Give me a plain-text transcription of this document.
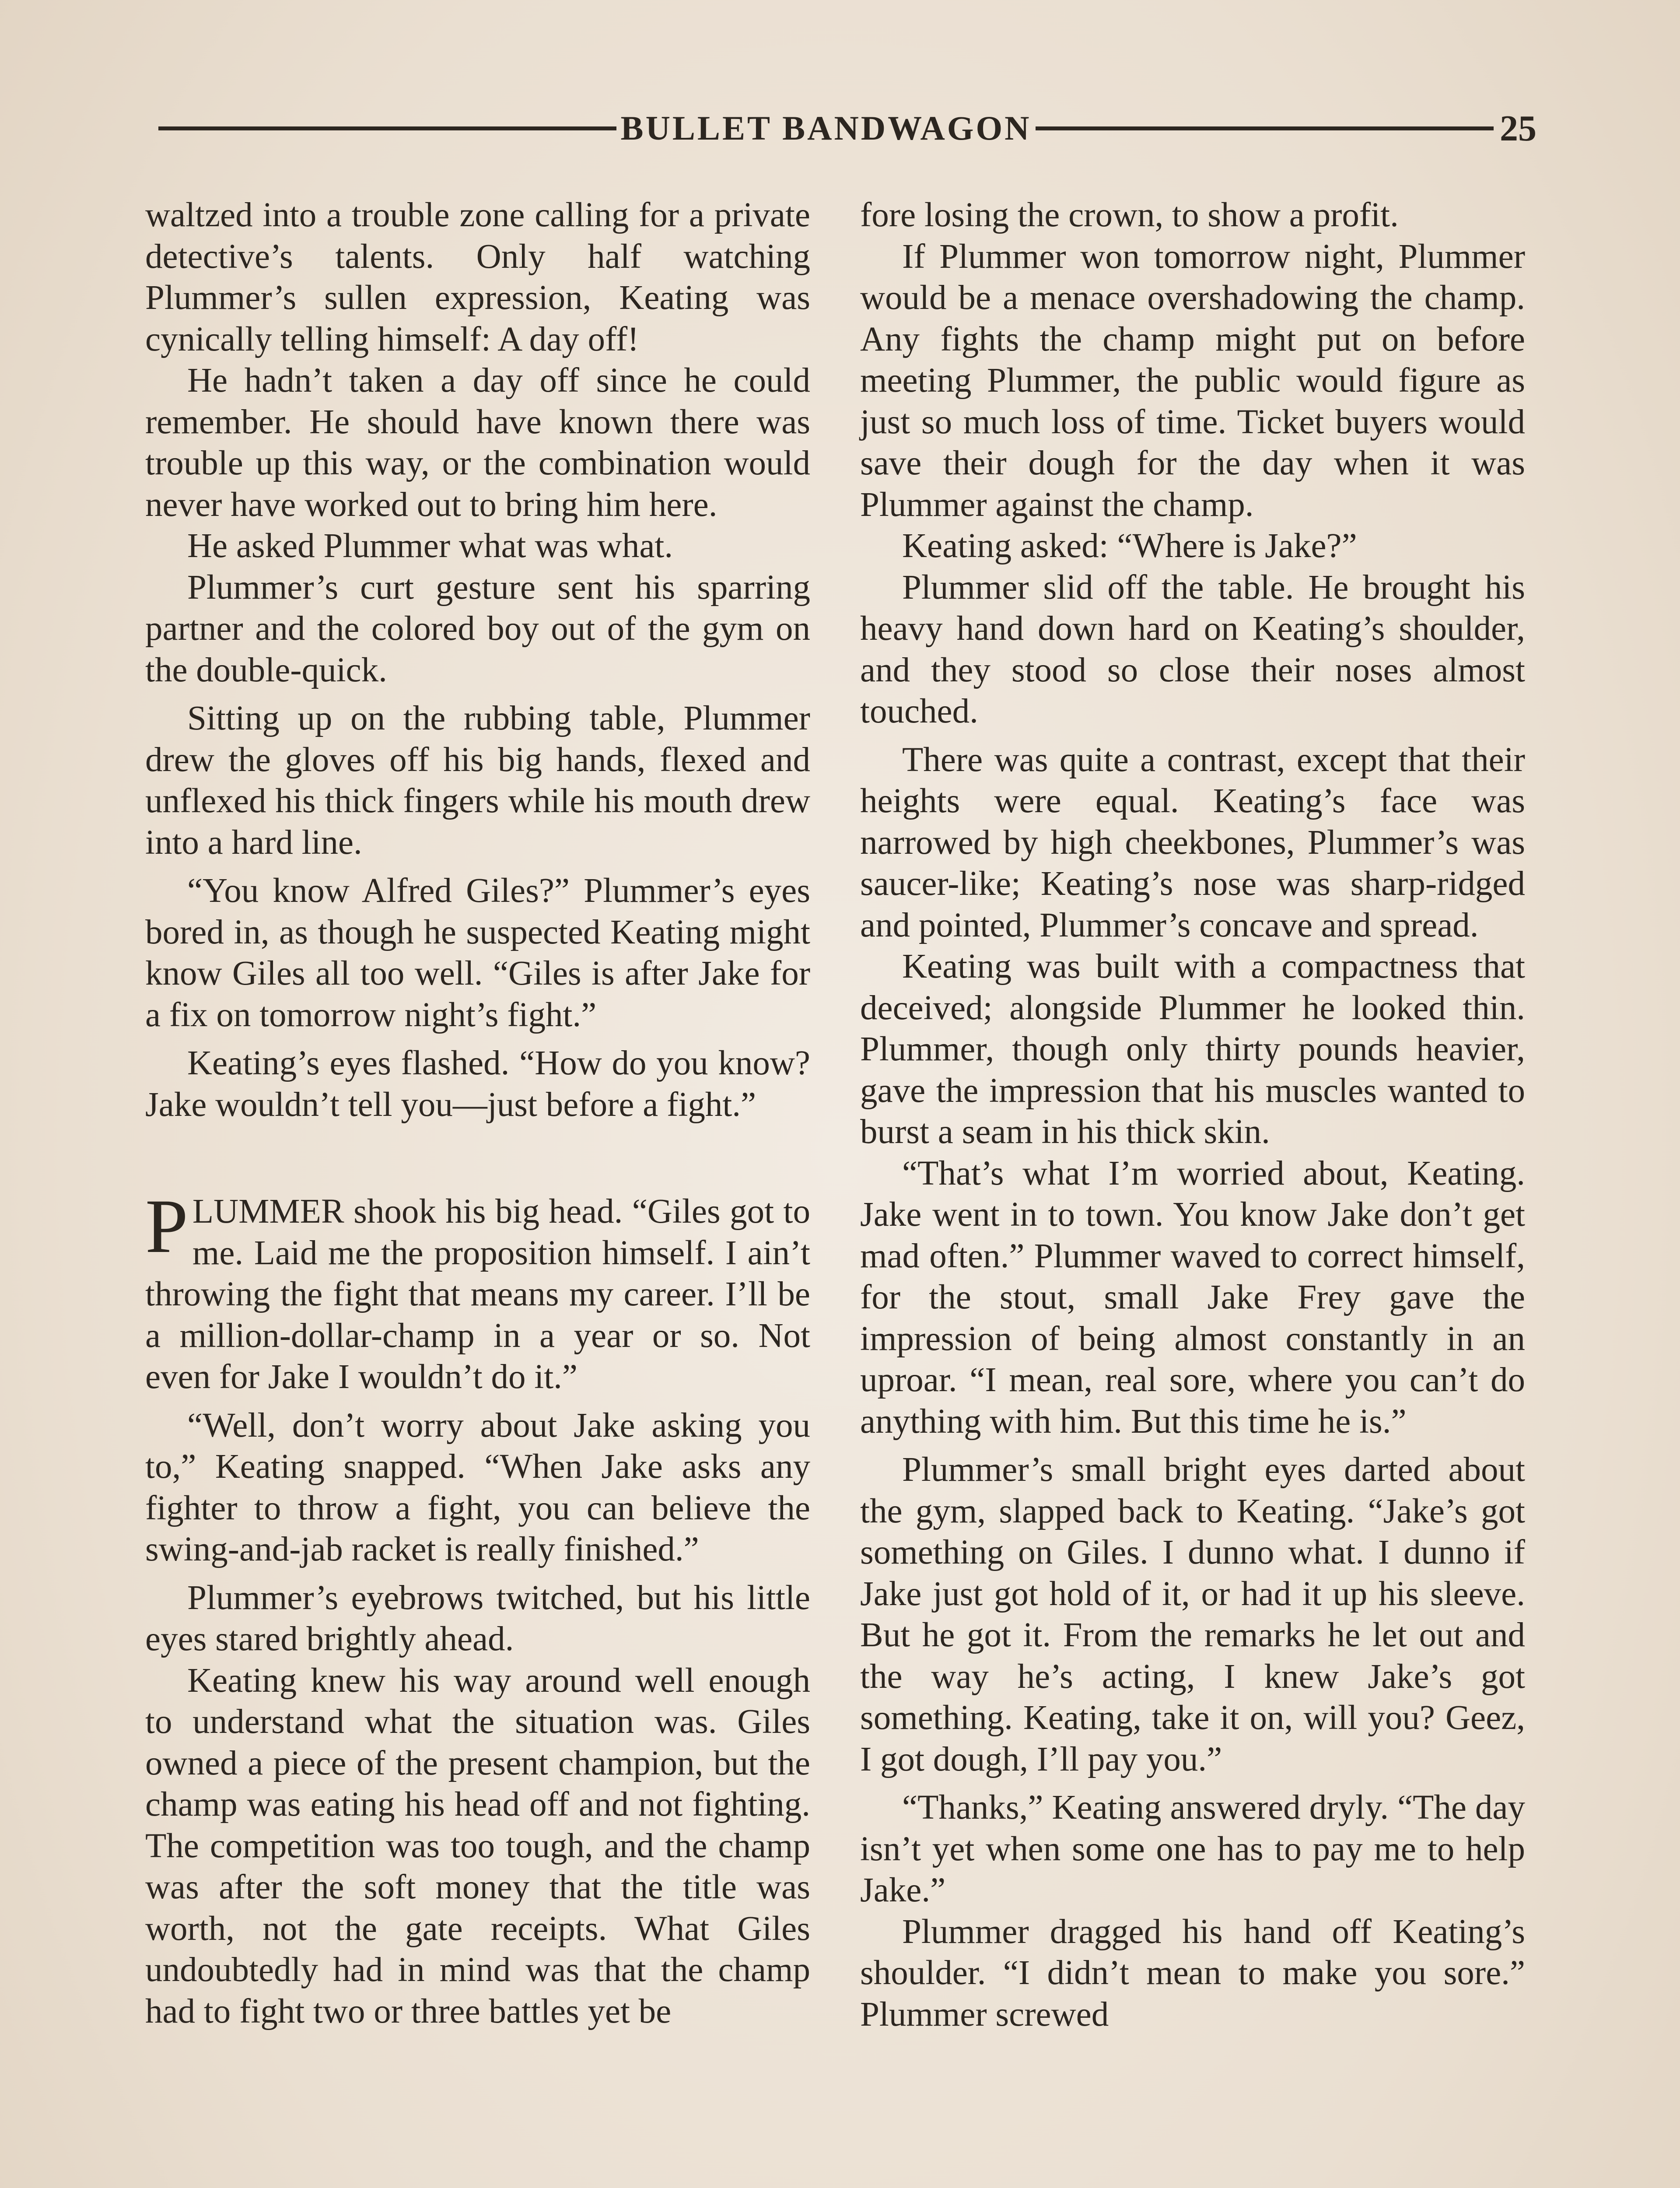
BULLET BANDWAGON	25

waltzed into a trouble zone calling for a private detective’s talents. Only half watching Plummer’s sullen expression, Keating was cynically telling himself: A day off!

He hadn’t taken a day off since he could remember. He should have known there was trouble up this way, or the combination would never have worked out to bring him here.

He asked Plummer what was what.

Plummer’s curt gesture sent his sparring partner and the colored boy out of the gym on the double-quick.

Sitting up on the rubbing table, Plummer drew the gloves off his big hands, flexed and unflexed his thick fingers while his mouth drew into a hard line.

“You know Alfred Giles?” Plummer’s eyes bored in, as though he suspected Keating might know Giles all too well. “Giles is after Jake for a fix on tomorrow night’s fight.”

Keating’s eyes flashed. “How do you know? Jake wouldn’t tell you—just before a fight.”

PLUMMER shook his big head. “Giles got to me. Laid me the proposition himself. I ain’t throwing the fight that means my career. I’ll be a million-dollar-champ in a year or so. Not even for Jake I wouldn’t do it.”

“Well, don’t worry about Jake asking you to,” Keating snapped. “When Jake asks any fighter to throw a fight, you can believe the swing-and-jab racket is really finished.”

Plummer’s eyebrows twitched, but his little eyes stared brightly ahead.

Keating knew his way around well enough to understand what the situation was. Giles owned a piece of the present champion, but the champ was eating his head off and not fighting. The competition was too tough, and the champ was after the soft money that the title was worth, not the gate receipts. What Giles undoubtedly had in mind was that the champ had to fight two or three battles yet be

fore losing the crown, to show a profit.

If Plummer won tomorrow night, Plummer would be a menace overshadowing the champ. Any fights the champ might put on before meeting Plummer, the public would figure as just so much loss of time. Ticket buyers would save their dough for the day when it was Plummer against the champ.

Keating asked: “Where is Jake?”

Plummer slid off the table. He brought his heavy hand down hard on Keating’s shoulder, and they stood so close their noses almost touched.

There was quite a contrast, except that their heights were equal. Keating’s face was narrowed by high cheekbones, Plummer’s was saucer-like; Keating’s nose was sharp-ridged and pointed, Plummer’s concave and spread.

Keating was built with a compactness that deceived; alongside Plummer he looked thin. Plummer, though only thirty pounds heavier, gave the impression that his muscles wanted to burst a seam in his thick skin.

“That’s what I’m worried about, Keating. Jake went in to town. You know Jake don’t get mad often.” Plummer waved to correct himself, for the stout, small Jake Frey gave the impression of being almost constantly in an uproar. “I mean, real sore, where you can’t do anything with him. But this time he is.”

Plummer’s small bright eyes darted about the gym, slapped back to Keating. “Jake’s got something on Giles. I dunno what. I dunno if Jake just got hold of it, or had it up his sleeve. But he got it. From the remarks he let out and the way he’s acting, I knew Jake’s got something. Keating, take it on, will you? Geez, I got dough, I’ll pay you.”

“Thanks,” Keating answered dryly. “The day isn’t yet when some one has to pay me to help Jake.”

Plummer dragged his hand off Keating’s shoulder. “I didn’t mean to make you sore.” Plummer screwed
